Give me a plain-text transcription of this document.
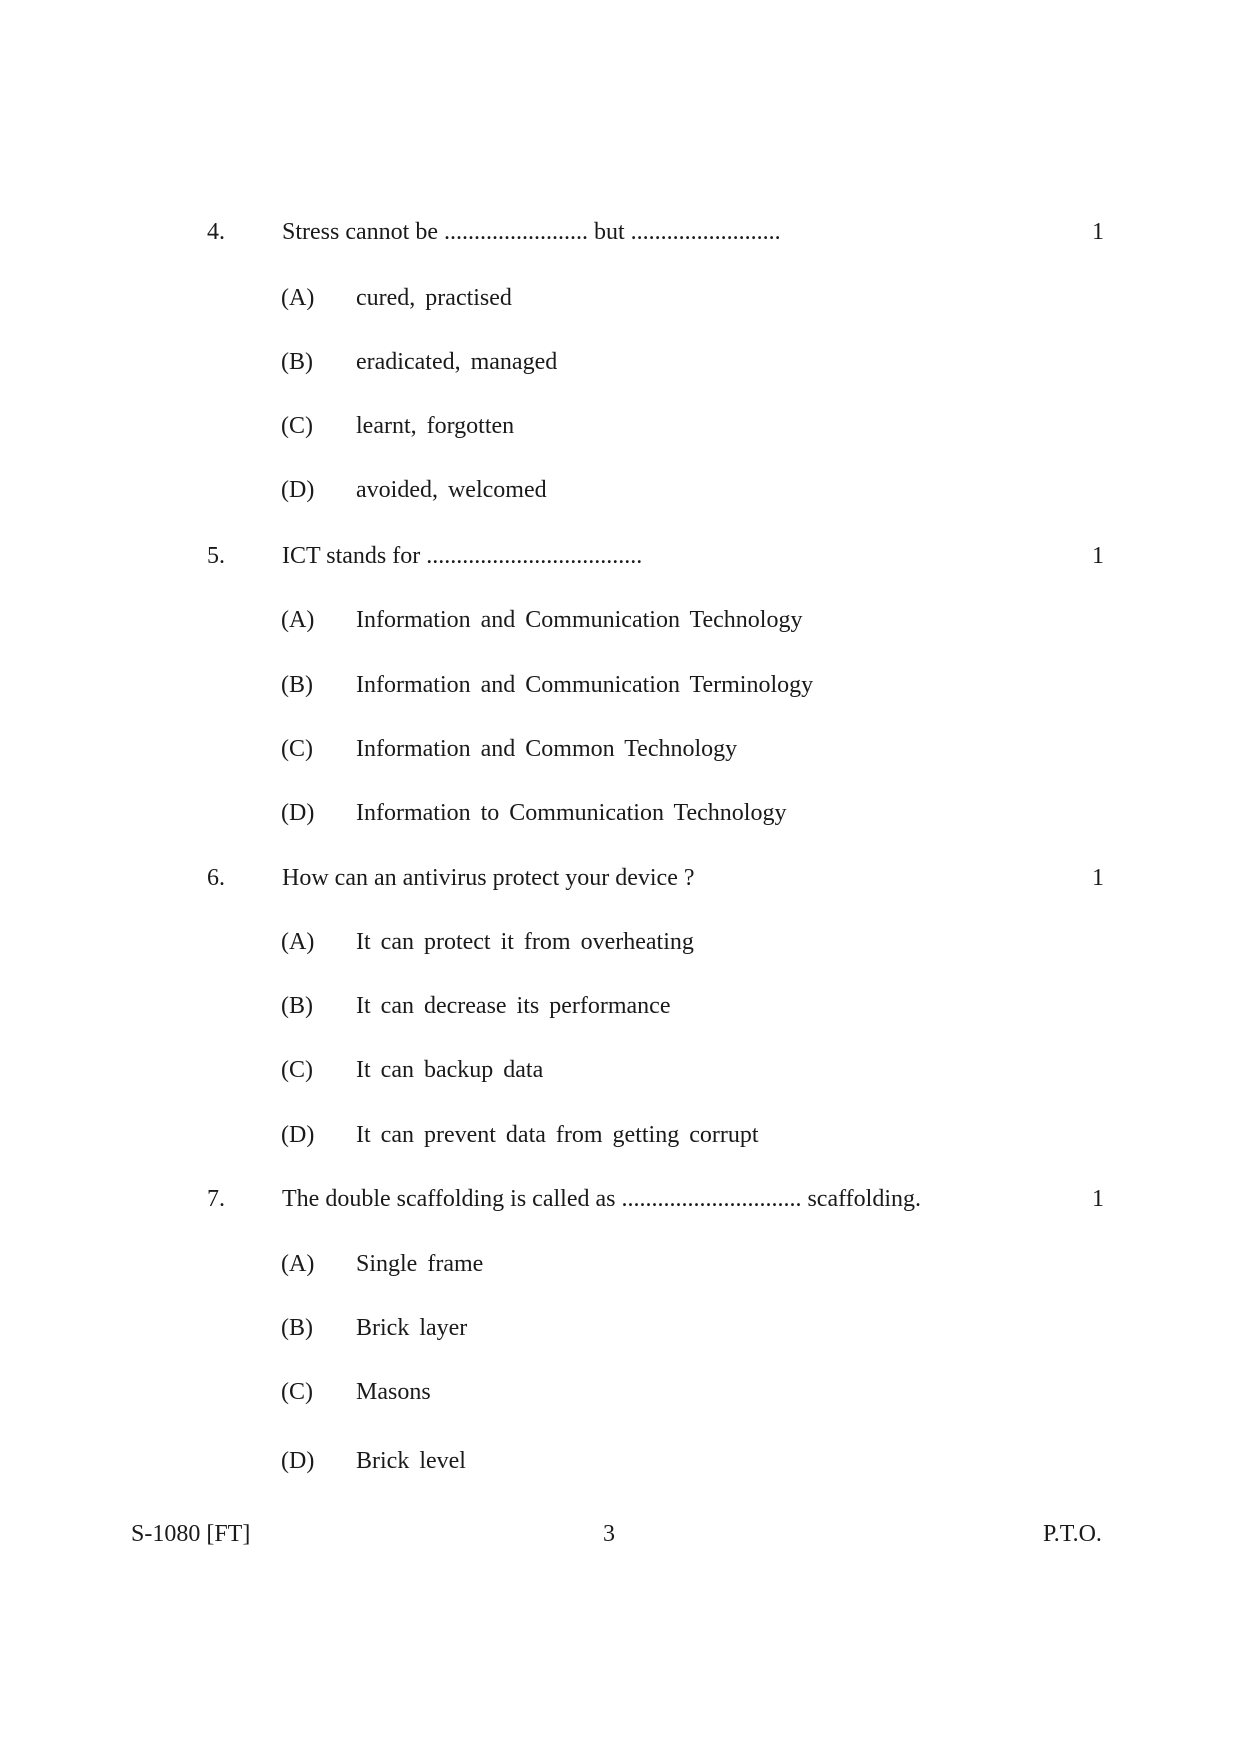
4. Stress cannot be ........................ but .........................	1
(A) cured, practised
(B) eradicated, managed
(C) learnt, forgotten
(D) avoided, welcomed
5. ICT stands for ....................................	1
(A) Information and Communication Technology
(B) Information and Communication Terminology
(C) Information and Common Technology
(D) Information to Communication Technology
6. How can an antivirus protect your device ?	1
(A) It can protect it from overheating
(B) It can decrease its performance
(C) It can backup data
(D) It can prevent data from getting corrupt
7. The double scaffolding is called as .............................. scaffolding.	1
(A) Single frame
(B) Brick layer
(C) Masons
(D) Brick level
S-1080 [FT]	3	P.T.O.
